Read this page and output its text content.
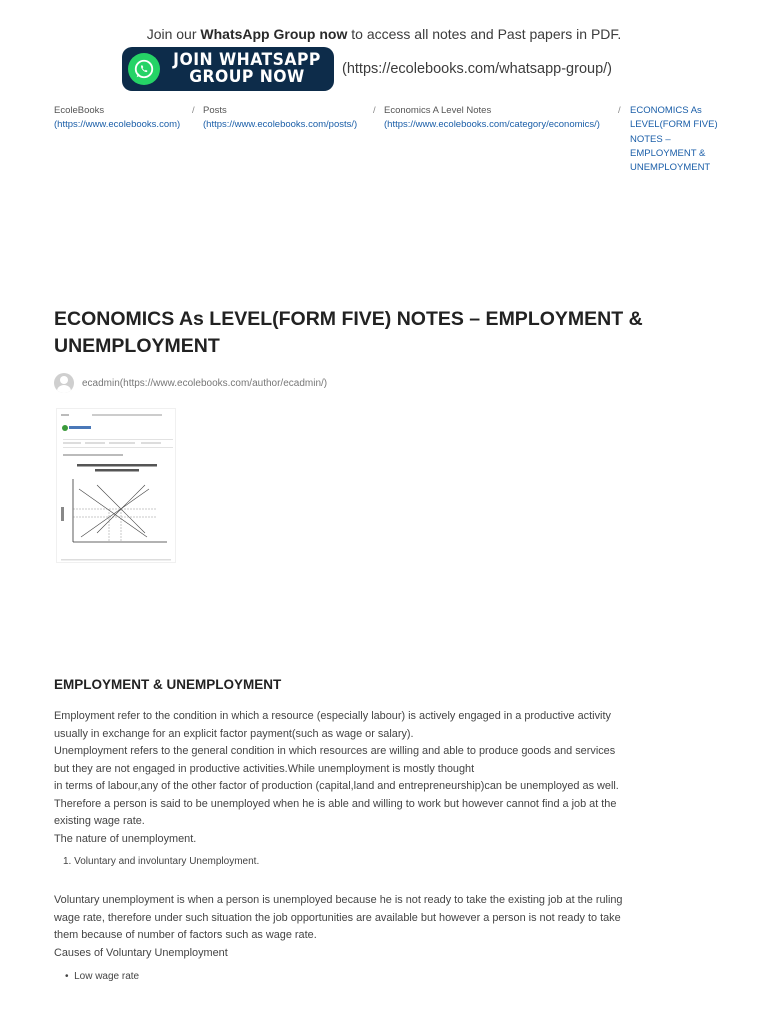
Join our WhatsApp Group now to access all notes and Past papers in PDF.
JOIN WHATSAPP
GROUP NOW	(https://ecolebooks.com/whatsapp-group/)
EcoleBooks
(https://www.ecolebooks.com)
/ Posts
(https://www.ecolebooks.com/posts/)
/ Economics A Level Notes
(https://www.ecolebooks.com/category/economics/)
/ ECONOMICS As
LEVEL(FORM FIVE)
NOTES –
EMPLOYMENT &
UNEMPLOYMENT
ECONOMICS As LEVEL(FORM FIVE) NOTES – EMPLOYMENT &
UNEMPLOYMENT
ecadmin(https://www.ecolebooks.com/author/ecadmin/)
EMPLOYMENT & UNEMPLOYMENT
Employment refer to the condition in which a resource (especially labour) is actively engaged in a productive activity
usually in exchange for an explicit factor payment(such as wage or salary).
Unemployment refers to the general condition in which resources are willing and able to produce goods and services
but they are not engaged in productive activities.While unemployment is mostly thought
in terms of labour,any of the other factor of production (capital,land and entrepreneurship)can be unemployed as well.
Therefore a person is said to be unemployed when he is able and willing to work but however cannot find a job at the
existing wage rate.
The nature of unemployment.
1. Voluntary and involuntary Unemployment.
Voluntary unemployment is when a person is unemployed because he is not ready to take the existing job at the ruling
wage rate, therefore under such situation the job opportunities are available but however a person is not ready to take
them because of number of factors such as wage rate.
Causes of Voluntary Unemployment
• Low wage rate
